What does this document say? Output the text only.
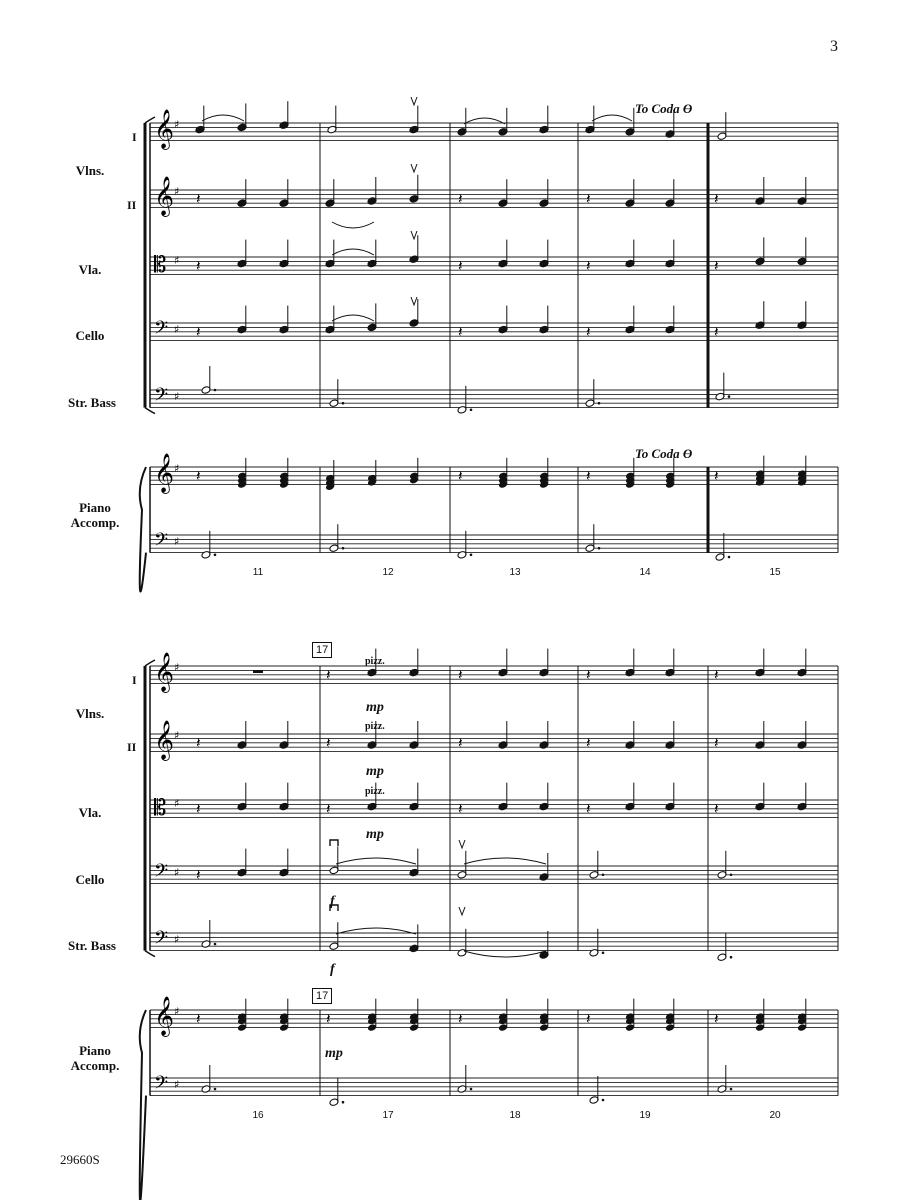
3
29660S
Vlns.
I
II
Vla.
Cello
Str. Bass
Piano
Accomp.
To Coda ϴ
To Coda ϴ
11	12	13	14	15
Vlns.
I
II
Vla.
Cello
Str. Bass
Piano
Accomp.
17
17
pizz.
pizz.
pizz.
mp
mp
mp
f
f
mp
16	17	18	19	20
𝄞 ♯
𝄞 ♯
𝄡 ♯
𝄢 ♯
𝄢 ♯
𝄞 ♯
𝄢 ♯
𝄽	𝄽	𝄽	𝄽
𝄽	𝄽	𝄽	𝄽
𝄽	𝄽	𝄽	𝄽
𝄽	𝄽	𝄽	𝄽
𝄞 ♯
𝄞 ♯
𝄡 ♯
𝄢 ♯
𝄢 ♯
𝄞 ♯
𝄢 ♯
𝄽	𝄽	𝄽	𝄽
𝄽	𝄽	𝄽	𝄽	𝄽
𝄽	𝄽	𝄽	𝄽	𝄽
𝄽
𝄽	𝄽	𝄽	𝄽	𝄽
